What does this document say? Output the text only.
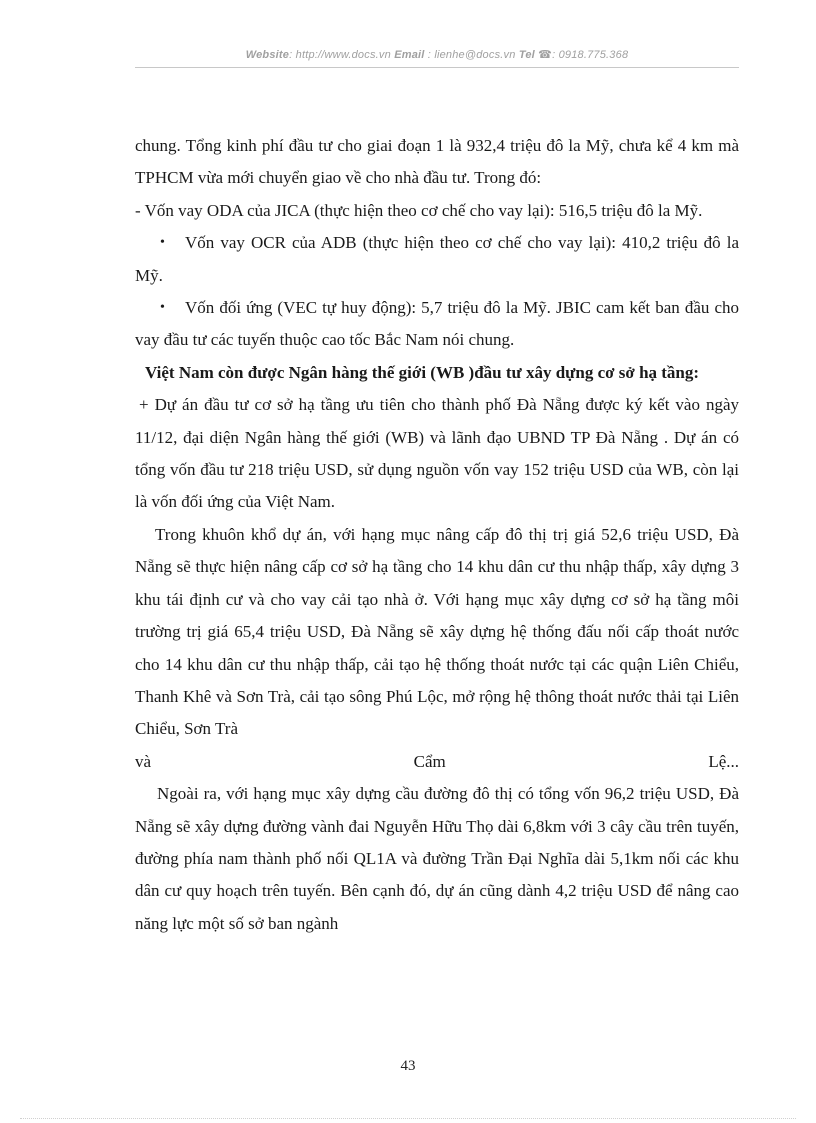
Website: http://www.docs.vn Email : lienhe@docs.vn Tel ☎: 0918.775.368

chung. Tổng kinh phí đầu tư cho giai đoạn 1 là 932,4 triệu đô la Mỹ, chưa kể 4 km mà TPHCM vừa mới chuyển giao về cho nhà đầu tư. Trong đó:

- Vốn vay ODA của JICA (thực hiện theo cơ chế cho vay lại): 516,5 triệu đô la Mỹ.

• Vốn vay OCR của ADB (thực hiện theo cơ chế cho vay lại): 410,2 triệu đô la Mỹ.

• Vốn đối ứng (VEC tự huy động): 5,7 triệu đô la Mỹ. JBIC cam kết ban đầu cho vay đầu tư các tuyến thuộc cao tốc Bắc Nam nói chung.

Việt Nam còn được Ngân hàng thế giới (WB )đầu tư xây dựng cơ sở hạ tầng:

+ Dự án đầu tư cơ sở hạ tầng ưu tiên cho thành phố Đà Nẵng được ký kết vào ngày 11/12, đại diện Ngân hàng thế giới (WB) và lãnh đạo UBND TP Đà Nẵng . Dự án có tổng vốn đầu tư 218 triệu USD, sử dụng nguồn vốn vay 152 triệu USD của WB, còn lại là vốn đối ứng của Việt Nam.

Trong khuôn khổ dự án, với hạng mục nâng cấp đô thị trị giá 52,6 triệu USD, Đà Nẵng sẽ thực hiện nâng cấp cơ sở hạ tầng cho 14 khu dân cư thu nhập thấp, xây dựng 3 khu tái định cư và cho vay cải tạo nhà ở. Với hạng mục xây dựng cơ sở hạ tầng môi trường trị giá 65,4 triệu USD, Đà Nẵng sẽ xây dựng hệ thống đấu nối cấp thoát nước cho 14 khu dân cư thu nhập thấp, cải tạo hệ thống thoát nước tại các quận Liên Chiểu, Thanh Khê và Sơn Trà, cải tạo sông Phú Lộc, mở rộng hệ thông thoát nước thải tại Liên Chiểu, Sơn Trà

và	Cẩm	Lệ...

Ngoài ra, với hạng mục xây dựng cầu đường đô thị có tổng vốn 96,2 triệu USD, Đà Nẵng sẽ xây dựng đường vành đai Nguyễn Hữu Thọ dài 6,8km với 3 cây cầu trên tuyến, đường phía nam thành phố nối QL1A và đường Trần Đại Nghĩa dài 5,1km nối các khu dân cư quy hoạch trên tuyến. Bên cạnh đó, dự án cũng dành 4,2 triệu USD để nâng cao năng lực một số sở ban ngành

43
